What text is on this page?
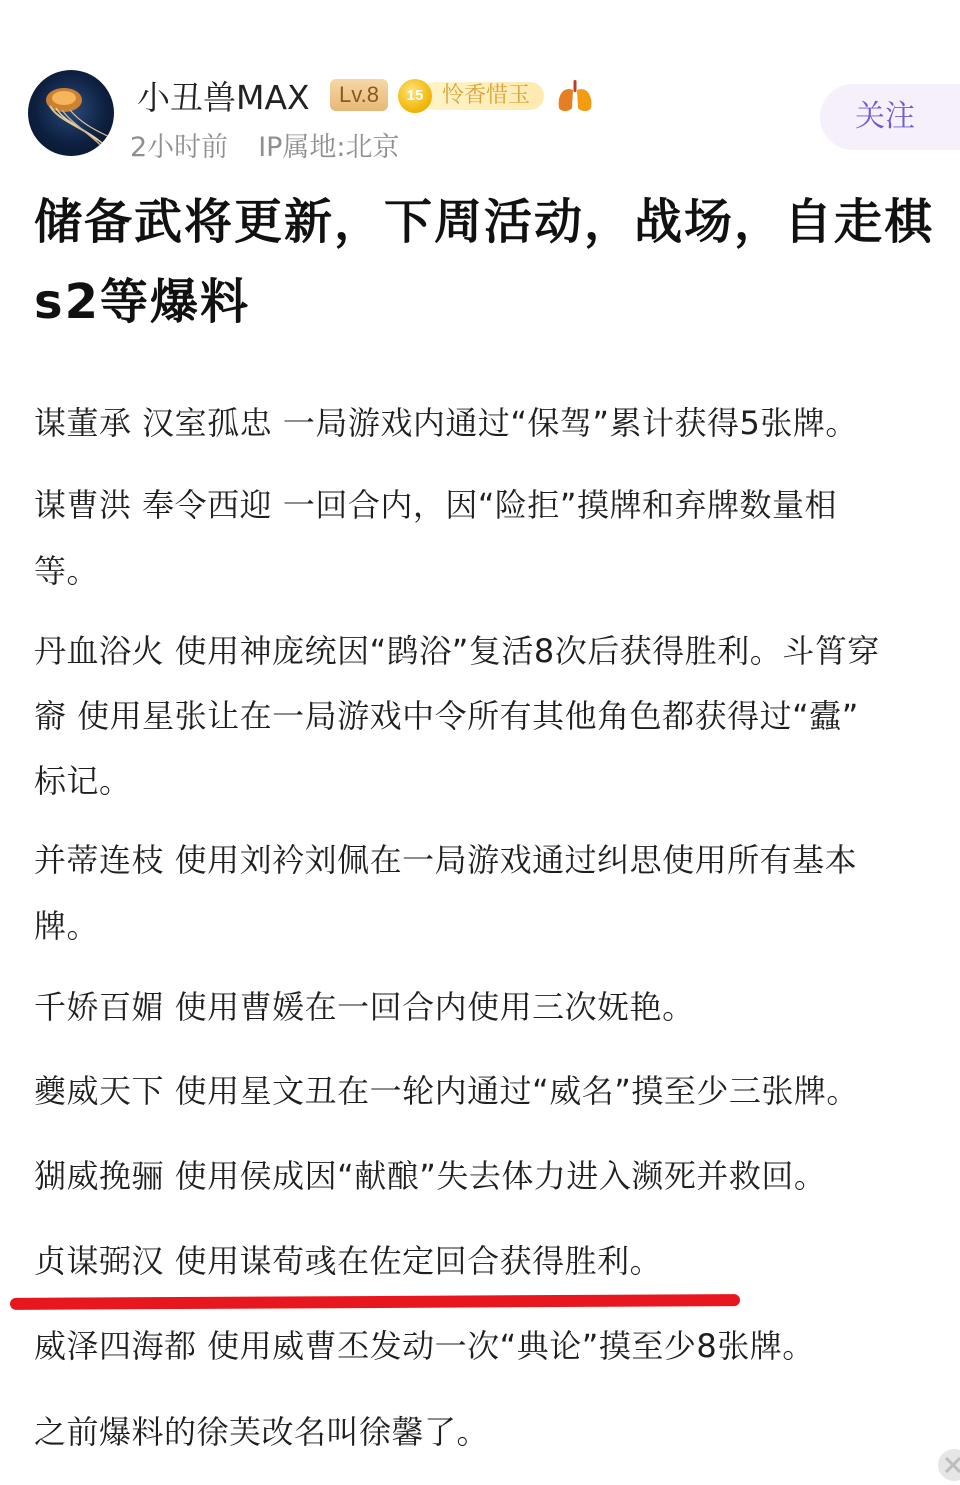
小丑兽MAX	Lv.8	怜香惜玉
15
2小时前 IP属地:北京
关注
储备武将更新，下周活动，战场，自走棋s2等爆料
谋董承 汉室孤忠 一局游戏内通过“保驾”累计获得5张牌。
谋曹洪 奉令西迎 一回合内，因“险拒”摸牌和弃牌数量相
等。
丹血浴火 使用神庞统因“鹍浴”复活8次后获得胜利。斗筲穿
窬 使用星张让在一局游戏中令所有其他角色都获得过“蠹”
标记。
并蒂连枝 使用刘衿刘佩在一局游戏通过纠思使用所有基本
牌。
千娇百媚 使用曹媛在一回合内使用三次妩艳。
夔威天下 使用星文丑在一轮内通过“威名”摸至少三张牌。
猢威挽骊 使用侯成因“献酿”失去体力进入濒死并救回。
贞谋弼汉 使用谋荀彧在佐定回合获得胜利。
威泽四海都 使用威曹丕发动一次“典论”摸至少8张牌。
之前爆料的徐芙改名叫徐馨了。
